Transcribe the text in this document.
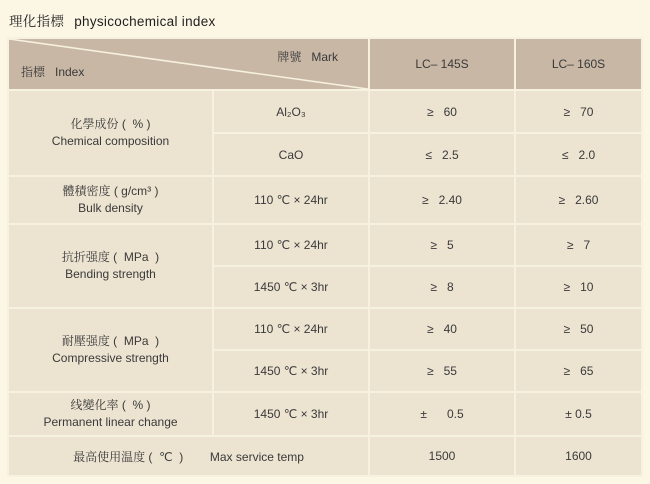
理化指標 physicochemical index
牌號   Mark
指標   Index		LC– 145S	LC– 160S

化學成份 (  % )
Chemical composition	Al₂O₃	≥   60	≥   70
	CaO	≤   2.5	≤   2.0

體積密度 ( g/cm³ )
Bulk density	110 ℃ × 24hr	≥   2.40	≥   2.60

抗折强度 (  MPa  )
Bending strength	110 ℃ × 24hr	≥   5	≥   7
	1450 ℃ × 3hr	≥   8	≥   10

耐壓强度 (  MPa  )
Compressive strength	110 ℃ × 24hr	≥   40	≥   50
	1450 ℃ × 3hr	≥   55	≥   65

线變化率 (  % )
Permanent linear change	1450 ℃ × 3hr	±      0.5	± 0.5
最高使用温度 (  ℃  )        Max service temp		1500	1600
